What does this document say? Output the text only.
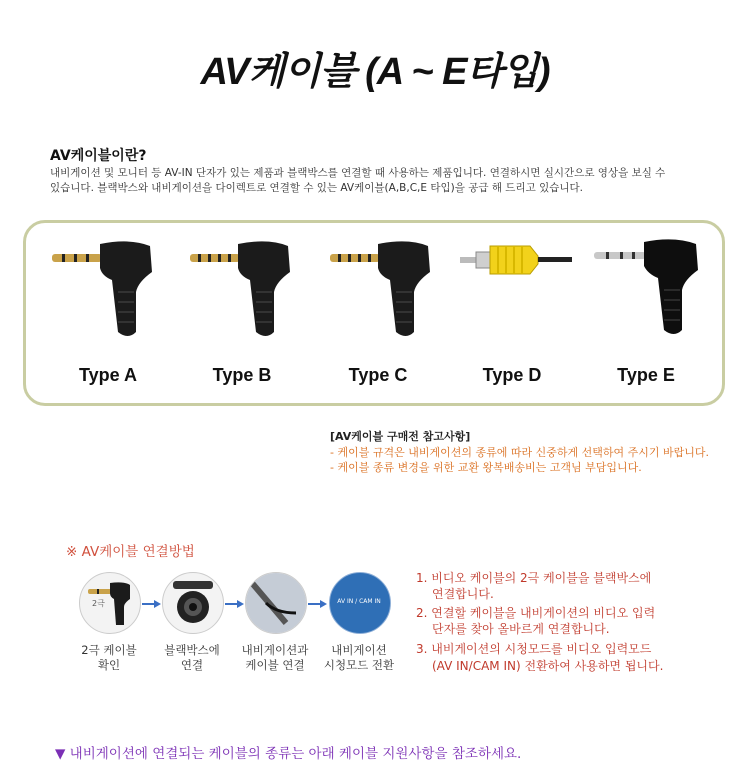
AV케이블 (A ~ E타입)
AV케이블이란?
내비게이션 및 모니터 등 AV-IN 단자가 있는 제품과 블랙박스를 연결할 때 사용하는 제품입니다. 연결하시면 실시간으로 영상을 보실 수
있습니다. 블랙박스와 내비게이션을 다이렉트로 연결할 수 있는 AV케이블(A,B,C,E 타입)을 공급 해 드리고 있습니다.
Type A	Type B	Type C	Type D	Type E
[AV케이블 구매전 참고사항]
- 케이블 규격은 내비게이션의 종류에 따라 신중하게 선택하여 주시기 바랍니다.
- 케이블 종류 변경을 위한 교환 왕복배송비는 고객님 부담입니다.
※ AV케이블 연결방법
2극	AV IN / CAM IN
2극 케이블
확인
블랙박스에
연결
내비게이션과
케이블 연결
내비게이션
시청모드 전환
1. 비디오 케이블의 2극 케이블을 블랙박스에
연결합니다.
2. 연결할 케이블을 내비게이션의 비디오 입력
단자를 찾아 올바르게 연결합니다.
3. 내비게이션의 시청모드를 비디오 입력모드
(AV IN/CAM IN) 전환하여 사용하면 됩니다.
▼ 내비게이션에 연결되는 케이블의 종류는 아래 케이블 지원사항을 참조하세요.
